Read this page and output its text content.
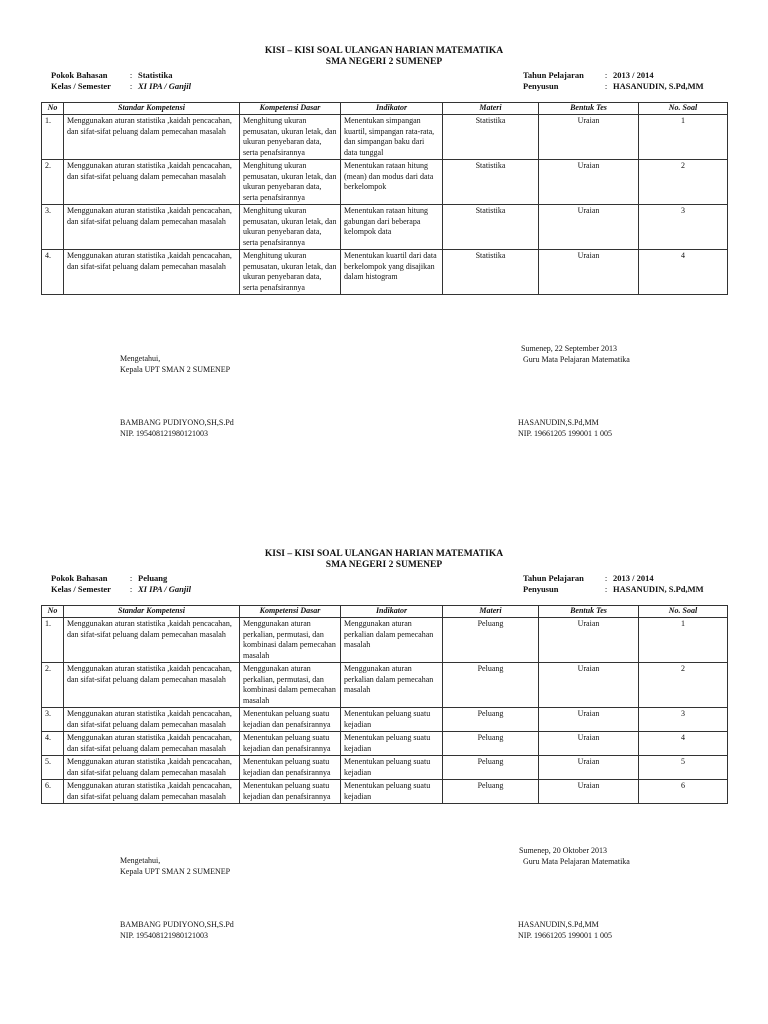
KISI – KISI SOAL ULANGAN HARIAN MATEMATIKA
SMA NEGERI 2 SUMENEP
Pokok Bahasan	: Statistika
Kelas / Semester : XI IPA / Ganjil
Tahun Pelajaran : 2013 / 2014
Penyusun	: HASANUDIN, S.Pd,MM
No	Standar Kompetensi	Kompetensi Dasar	Indikator	Materi	Bentuk Tes	No. Soal
1.	Menggunakan aturan statistika ,kaidah pencacahan, dan sifat-sifat peluang dalam pemecahan masalah	Menghitung ukuran pemusatan, ukuran letak, dan ukuran penyebaran data, serta penafsirannya	Menentukan simpangan kuartil, simpangan rata-rata, dan simpangan baku dari data tunggal	Statistika	Uraian	1
2.	Menggunakan aturan statistika ,kaidah pencacahan, dan sifat-sifat peluang dalam pemecahan masalah	Menghitung ukuran pemusatan, ukuran letak, dan ukuran penyebaran data, serta penafsirannya	Menentukan rataan hitung (mean) dan modus dari data berkelompok	Statistika	Uraian	2
3.	Menggunakan aturan statistika ,kaidah pencacahan, dan sifat-sifat peluang dalam pemecahan masalah	Menghitung ukuran pemusatan, ukuran letak, dan ukuran penyebaran data, serta penafsirannya	Menentukan rataan hitung gabungan dari beberapa kelompok data	Statistika	Uraian	3
4.	Menggunakan aturan statistika ,kaidah pencacahan, dan sifat-sifat peluang dalam pemecahan masalah	Menghitung ukuran pemusatan, ukuran letak, dan ukuran penyebaran data, serta penafsirannya	Menentukan kuartil dari data berkelompok yang disajikan dalam histogram	Statistika	Uraian	4
Sumenep, 22 September 2013
Guru Mata Pelajaran Matematika
Mengetahui,
Kepala UPT SMAN 2 SUMENEP
BAMBANG PUDIYONO,SH,S.Pd
NIP. 195408121980121003
HASANUDIN,S.Pd,MM
NIP. 19661205 199001 1 005
KISI – KISI SOAL ULANGAN HARIAN MATEMATIKA
SMA NEGERI 2 SUMENEP
Pokok Bahasan	: Peluang
Kelas / Semester : XI IPA / Ganjil
Tahun Pelajaran : 2013 / 2014
Penyusun	: HASANUDIN, S.Pd,MM
No	Standar Kompetensi	Kompetensi Dasar	Indikator	Materi	Bentuk Tes	No. Soal
1.	Menggunakan aturan statistika ,kaidah pencacahan, dan sifat-sifat peluang dalam pemecahan masalah	Menggunakan aturan perkalian, permutasi, dan kombinasi dalam pemecahan masalah	Menggunakan aturan perkalian dalam pemecahan masalah	Peluang	Uraian	1
2.	Menggunakan aturan statistika ,kaidah pencacahan, dan sifat-sifat peluang dalam pemecahan masalah	Menggunakan aturan perkalian, permutasi, dan kombinasi dalam pemecahan masalah	Menggunakan aturan perkalian dalam pemecahan masalah	Peluang	Uraian	2
3.	Menggunakan aturan statistika ,kaidah pencacahan, dan sifat-sifat peluang dalam pemecahan masalah	Menentukan peluang suatu kejadian dan penafsirannya	Menentukan peluang suatu kejadian	Peluang	Uraian	3
4.	Menggunakan aturan statistika ,kaidah pencacahan, dan sifat-sifat peluang dalam pemecahan masalah	Menentukan peluang suatu kejadian dan penafsirannya	Menentukan peluang suatu kejadian	Peluang	Uraian	4
5.	Menggunakan aturan statistika ,kaidah pencacahan, dan sifat-sifat peluang dalam pemecahan masalah	Menentukan peluang suatu kejadian dan penafsirannya	Menentukan peluang suatu kejadian	Peluang	Uraian	5
6.	Menggunakan aturan statistika ,kaidah pencacahan, dan sifat-sifat peluang dalam pemecahan masalah	Menentukan peluang suatu kejadian dan penafsirannya	Menentukan peluang suatu kejadian	Peluang	Uraian	6
Sumenep, 20 Oktober 2013
Guru Mata Pelajaran Matematika
Mengetahui,
Kepala UPT SMAN 2 SUMENEP
BAMBANG PUDIYONO,SH,S.Pd
NIP. 195408121980121003
HASANUDIN,S.Pd,MM
NIP. 19661205 199001 1 005
